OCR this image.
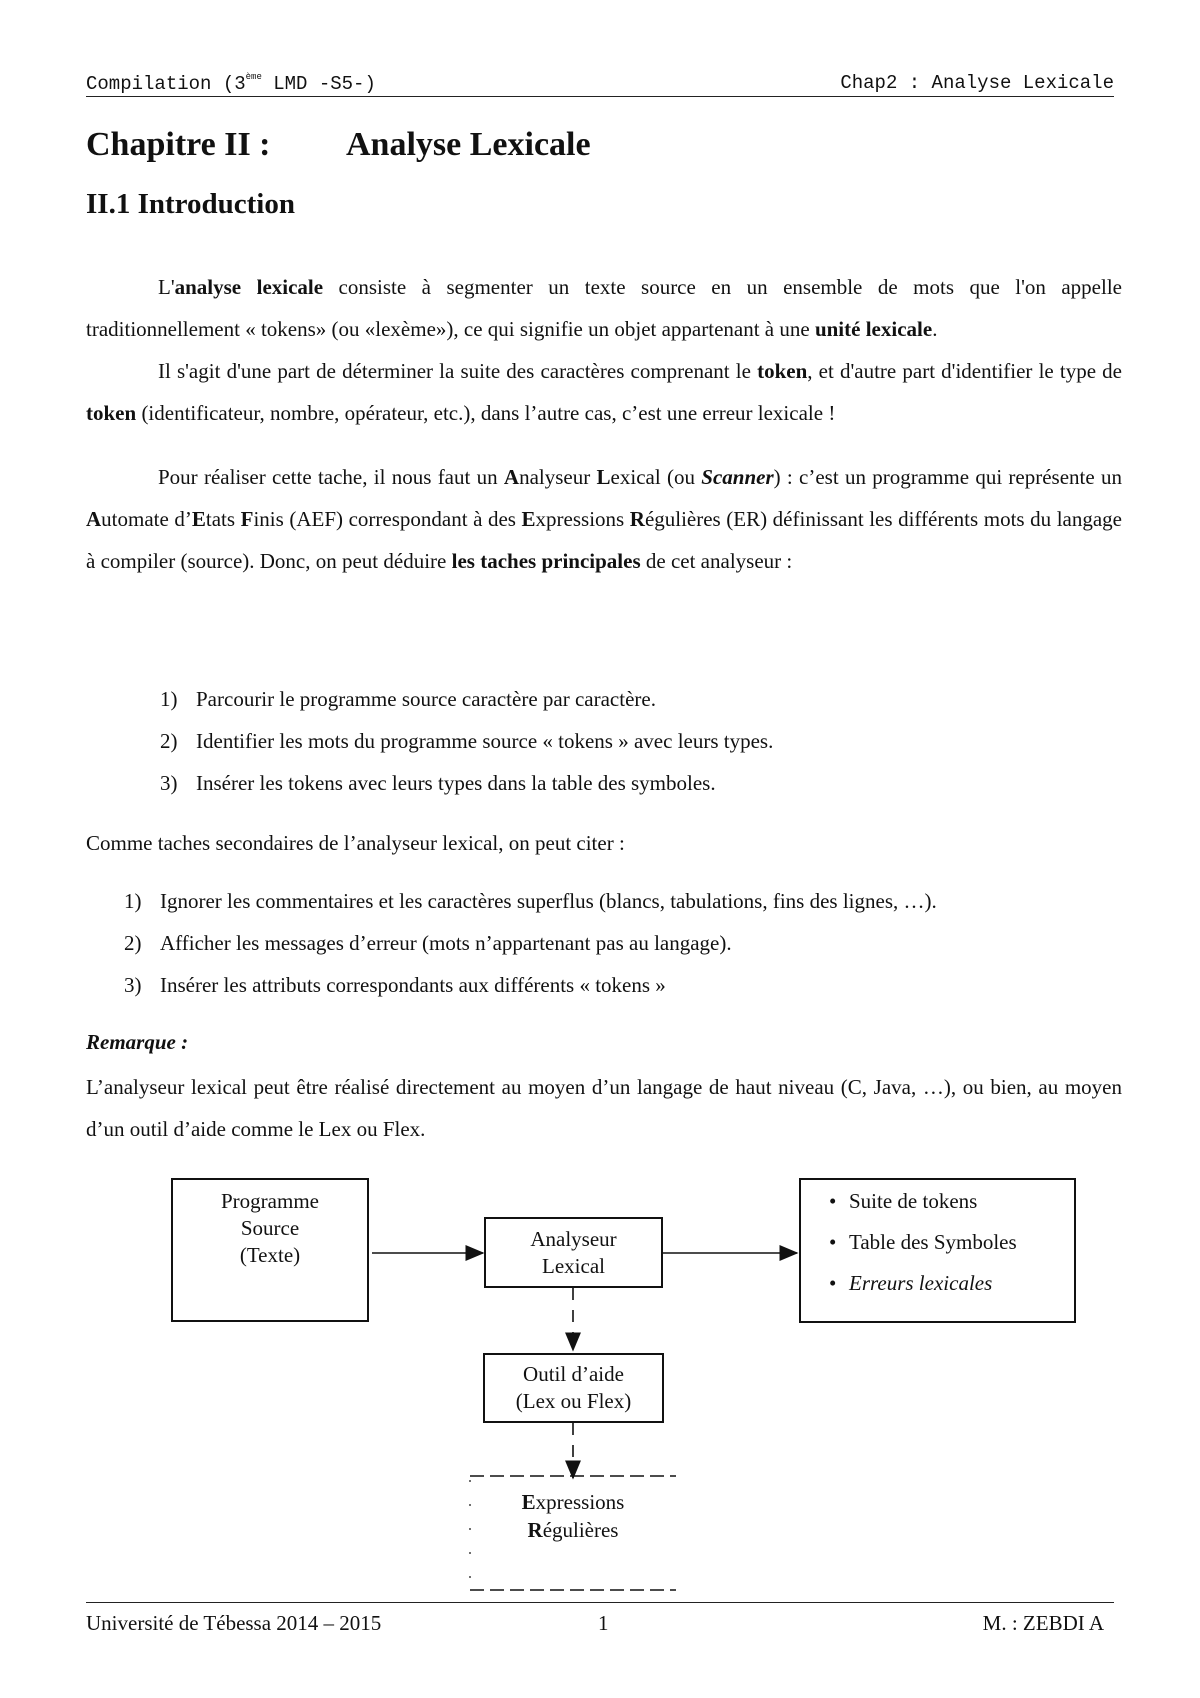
Compilation (3ème LMD -S5-)	Chap2 : Analyse Lexicale
Chapitre II : Analyse Lexicale
II.1 Introduction

L'analyse lexicale consiste à segmenter un texte source en un ensemble de mots que l'on appelle traditionnellement « tokens» (ou «lexème»), ce qui signifie un objet appartenant à une unité lexicale.

Il s'agit d'une part de déterminer la suite des caractères comprenant le token, et d'autre part d'identifier le type de token (identificateur, nombre, opérateur, etc.), dans l’autre cas, c’est une erreur lexicale !

Pour réaliser cette tache, il nous faut un Analyseur Lexical (ou Scanner) : c’est un programme qui représente un Automate d’Etats Finis (AEF) correspondant à des Expressions Régulières (ER) définissant les différents mots du langage à compiler (source). Donc, on peut déduire les taches principales de cet analyseur :

1) Parcourir le programme source caractère par caractère.

2) Identifier les mots du programme source « tokens » avec leurs types.

3) Insérer les tokens avec leurs types dans la table des symboles.

Comme taches secondaires de l’analyseur lexical, on peut citer :

1) Ignorer les commentaires et les caractères superflus (blancs, tabulations, fins des lignes, …).

2) Afficher les messages d’erreur (mots n’appartenant pas au langage).

3) Insérer les attributs correspondants aux différents « tokens »

Remarque :

L’analyseur lexical peut être réalisé directement au moyen d’un langage de haut niveau (C, Java, …), ou bien, au moyen d’un outil d’aide comme le Lex ou Flex.

Programme
Source
(Texte)
Analyseur
Lexical
• Suite de tokens
• Table des Symboles
• Erreurs lexicales
Outil d’aide
(Lex ou Flex)
Expressions
Régulières
Université de Tébessa 2014 – 2015	1	M. : ZEBDI A
